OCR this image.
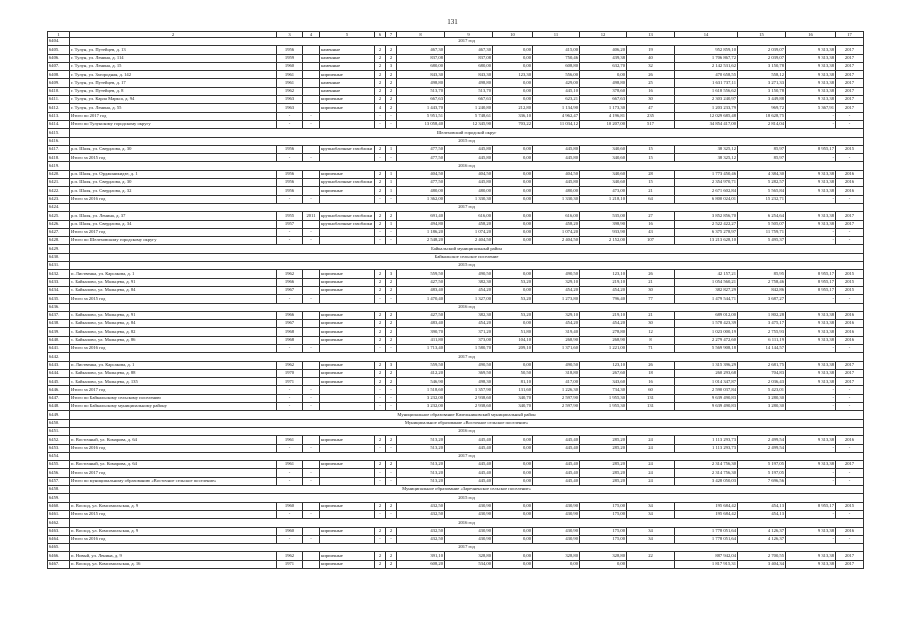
131
1	2	3	4	5	6	7	8	9	10	11	12	13	14	15	16	17
6404.	2017 год															
6405.	г. Тулун, ул. Путейцев, д. 13	1956		каменные	2	2	467,30	467,30	0,00	415,00	406,20	19	952 859,10	2 039,07	9 313,38	2017
6406.	г. Тулун, ул. Ленина, д. 114	1959		каменные	2	2	837,08	837,08	0,00	750,46	439,38	40	1 706 867,72	2 039,07	9 313,38	2017
6407.	г. Тулун, ул. Ленина, д. 15	1960		каменные	2	3	680,00	680,00	0,00	608,80	632,70	32	2 142 531,62	3 150,78	9 313,38	2017
6408.	г. Тулун, ул. Загородная, д. 142	1961		кирпичные	2	2	843,30	843,30	123,30	556,00	0,00	26	470 658,55	558,12	9 313,38	2017
6409.	г. Тулун, ул. Путейцев, д. 17	1961		каменные	2	2	498,80	498,80	0,00	429,00	498,80	25	1 631 737,11	3 271,33	9 313,38	2017
6410.	г. Тулун, ул. Путейцев, д. 8	1962		каменные	2	2	513,70	513,70	0,00	445,10	378,60	16	1 618 556,62	3 150,78	9 313,38	2017
6411.	г. Тулун, ул. Карла Маркса, д. 94	1963		кирпичные	2	2	667,63	667,63	0,00	623,21	667,63	30	2 303 240,97	3 449,88	9 313,38	2017
6412.	г. Тулун, ул. Ленина, д. 55	1963		кирпичные	4	2	1 443,70	1 240,80	212,80	1 134,90	1 173,30	47	1 203 233,79	969,72	5 367,91	2017
6413.	Итого по 2017 год	-	-		-	-	5 951,51	5 748,61	336,10	4 962,47	4 196,81	235	12 029 685,48	18 628,75	-	-
6414.	Итого по Тулунскому городскому округу	-	-		-	-	13 058,40	12 345,90	703,22	11 034,12	10 207,00	517	34 854 417,00	2 814,04	-	-
6415.	Шелеховский городской округ															
6416.	2015 год															
6417.	р.п. Шаля, ул. Свердлова, д. 30	1956		крупноблочные газоблоки	2	1	477,50	445,80	0,00	445,80	340,60	15	38 325,12	85,97	8 955,17	2015
6418.	Итого за 2015 год	-	-		-	-	477,50	445,80	0,00	445,80	340,60	15	38 325,12	85,97	-	-
6419.	2016 год															
6420.	р.п. Шаля, ул. Орджоникидзе, д. 1	1956		кирпичные	2	1	404,50	404,50	0,00	404,50	340,60	28	1 773 450,46	4 384,30	9 313,38	2016
6421.	р.п. Шаля, ул. Свердлова, д. 30	1956		крупноблочные газоблоки	2	1	477,50	445,80	0,00	445,80	340,60	15	2 354 970,71	5 282,57	9 313,38	2016
6422.	р.п. Шаля, ул. Свердлова, д. 32	1956		кирпичные	2	1	480,00	480,00	0,00	480,00	473,00	21	2 671 602,84	5 565,84	9 313,38	2016
6423.	Итого за 2016 год	-	-		-	-	1 362,00	1 330,30	0,00	1 330,30	1 218,10	64	6 800 024,01	15 232,71	-	-
6424.	2017 год															
6425.	р.п. Шаля, ул. Ленина, д. 37	1955	2011	крупноблочные газоблоки	2	2	691,40	616,00	0,00	616,00	535,00	27	3 852 856,70	6 254,64	9 313,38	2017
6426.	р.п. Шаля, ул. Свердлова, д. 34	1957		крупноблочные газоблоки	2	1	494,80	458,20	0,00	458,20	398,90	16	2 522 422,27	5 505,07	9 313,38	2017
6427.	Итого за 2017 год	-	-		-	-	1 186,20	1 074,20	0,00	1 074,20	933,90	43	6 375 278,97	11 759,71	-	-
6428.	Итого по Шелеховскому городскому округу	-	-		-	-	2 548,20	2 404,50	0,00	2 404,50	2 152,00	107	13 213 628,10	5 495,37	-	-
6429.	Байкальский муниципальный район															
6430.	Байкальское сельское поселение															
6431.	2015 год															
6432.	п. Лиственка, ул. Карсакова, д. 1	1962		кирпичные	2	3	559,50	490,50	0,00	490,50	123,10	26	42 157,21	85,95	8 955,17	2015
6433.	с. Байкалово, ул. Мальцева, д. 91	1966		кирпичные	2	2	427,50	382,30	53,20	329,10	219,10	21	1 054 560,21	2 758,46	8 955,17	2015
6434.	с. Байкалово, ул. Мальцева, д. 84	1967		кирпичные	2	2	483,40	454,20	0,00	454,20	454,20	30	382 827,29	842,86	8 955,17	2015
6435.	Итого за 2015 год	-	-		-	-	1 470,40	1 327,00	53,20	1 273,80	796,40	77	1 479 544,71	3 687,27	-	-
6436.	2016 год															
6437.	с. Байкалово, ул. Мальцева, д. 91	1966		кирпичные	2	2	427,50	382,30	53,20	329,10	219,10	21	689 012,00	1 802,28	9 313,38	2016
6438.	с. Байкалово, ул. Мальцева, д. 84	1967		кирпичные	2	2	483,40	454,20	0,00	454,20	454,20	30	1 578 423,39	3 475,17	9 313,38	2016
6439.	с. Байкалово, ул. Мальцева, д. 82	1968		кирпичные	2	2	390,70	371,20	51,80	319,40	278,80	12	1 023 000,19	2 755,93	9 313,38	2016
6440.	с. Байкалово, ул. Мальцева, д. 86	1968		кирпичные	2	2	411,80	373,00	104,10	268,90	268,90	8	2 279 472,60	6 111,19	9 313,38	2016
6441.	Итого за 2016 год	-	-		-	-	1 713,40	1 580,70	209,10	1 371,60	1 221,00	71	5 569 908,18	14 144,57	-	-
6442.	2017 год															
6443.	п. Лиственка, ул. Карсакова, д. 1	1962		кирпичные	2	3	559,50	490,50	0,00	490,50	123,10	26	1 315 396,29	2 681,75	9 313,38	2017
6444.	с. Байкалово, ул. Мальцева, д. 88	1970		кирпичные	2	2	412,20	369,50	50,50	318,80	267,60	18	260 293,68	704,83	9 313,38	2017
6445.	с. Байкалово, ул. Мальцева, д. 135	1971		кирпичные	2	2	546,90	498,30	81,10	417,00	343,60	16	1 014 347,87	2 036,43	9 313,38	2017
6446.	Итого за 2017 год	-	-		-	-	1 518,60	1 357,90	131,60	1 226,30	734,30	60	2 590 037,84	5 423,01	-	-
6447.	Итого по Байкальскому сельскому поселению	-	-		-	-	3 232,00	2 938,60	340,70	2 597,90	1 955,30	131	9 639 490,83	3 280,30	-	-
6448.	Итого по Байкальскому муниципальному району	-	-		-	-	3 232,00	2 938,60	340,70	2 597,90	1 955,30	131	9 639 490,83	3 280,30	-	-
6449.	Муниципальное образование Качельниковский муниципальный район															
6450.	Муниципальное образование «Восточное сельское поселение»															
6451.	2016 год															
6452.	п. Восточный, ул. Комарова, д. 64	1961		кирпичные	2	2	513,20	445,40	0,00	445,40	285,20	24	1 113 293,73	2 499,54	9 313,38	2016
6453.	Итого за 2016 год	-	-		-	-	513,20	445,40	0,00	445,40	285,20	24	1 113 293,73	2 499,54	-	-
6454.	2017 год															
6455.	п. Восточный, ул. Комарова, д. 64	1961		кирпичные	2	2	513,20	445,40	0,00	445,40	285,20	24	2 314 756,30	5 197,05	9 313,38	2017
6456.	Итого за 2017 год	-	-		-	-	513,20	445,40	0,00	445,40	285,20	24	2 314 756,30	5 197,05	-	-
6457.	Итого по муниципальному образованию «Восточное сельское поселение»	-	-		-	-	513,20	445,40	0,00	445,40	285,20	24	3 428 050,03	7 696,56	-	-
6458.	Муниципальное образование «Заречненское сельское поселение»															
6459.	2015 год															
6460.	п. Восход, ул. Комсомольская, д. 9	1960		кирпичные	2	2	432,50	430,90	0,00	430,90	175,00	34	195 684,42	454,13	8 955,17	2015
6461.	Итого за 2015 год	-	-		-	-	432,50	430,90	0,00	430,90	175,00	34	195 684,42	454,13	-	-
6462.	2016 год															
6463.	п. Восход, ул. Комсомольская, д. 9	1960		кирпичные	2	2	432,50	430,90	0,00	430,90	175,00	34	1 778 051,64	4 126,37	9 313,38	2016
6464.	Итого за 2016 год	-	-		-	-	432,50	430,90	0,00	430,90	175,00	34	1 778 051,64	4 126,37	-	-
6465.	2017 год															
6466.	п. Новый, ул. Ленина, д. 9	1962		кирпичные	2	2	391,10	328,80	0,00	328,80	328,80	22	887 942,04	2 700,55	9 313,38	2017
6467.	п. Восход, ул. Комсомольская, д. 16	1971		кирпичные	2	2	608,20	534,00	0,00	0,00	0,00		1 817 915,31	3 404,34	9 313,38	2017
